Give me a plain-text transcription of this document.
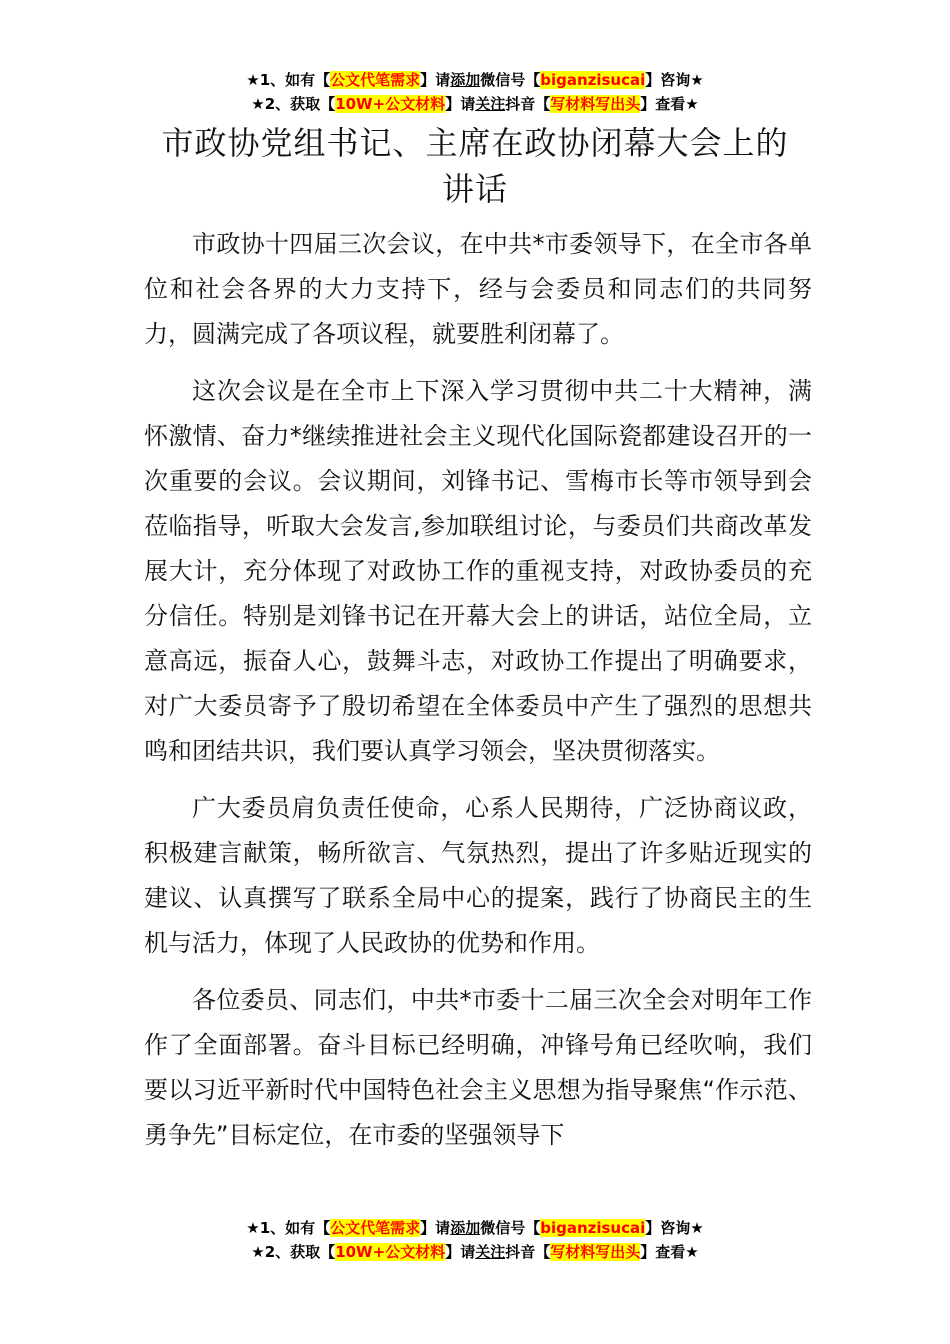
★1、如有【公文代笔需求】请添加微信号【biganzisucai】咨询★
★2、获取【10W+公文材料】请关注抖音【写材料写出头】查看★
市政协党组书记、主席在政协闭幕大会上的
讲话

市政协十四届三次会议，在中共*市委领导下，在全市各单位和社会各界的大力支持下，经与会委员和同志们的共同努力，圆满完成了各项议程，就要胜利闭幕了。

这次会议是在全市上下深入学习贯彻中共二十大精神，满怀激情、奋力*继续推进社会主义现代化国际瓷都建设召开的一次重要的会议。会议期间，刘锋书记、雪梅市长等市领导到会莅临指导，听取大会发言,参加联组讨论，与委员们共商改革发展大计，充分体现了对政协工作的重视支持，对政协委员的充分信任。特别是刘锋书记在开幕大会上的讲话，站位全局，立意高远，振奋人心，鼓舞斗志，对政协工作提出了明确要求，对广大委员寄予了殷切希望在全体委员中产生了强烈的思想共鸣和团结共识，我们要认真学习领会，坚决贯彻落实。

广大委员肩负责任使命，心系人民期待，广泛协商议政，积极建言献策，畅所欲言、气氛热烈，提出了许多贴近现实的建议、认真撰写了联系全局中心的提案，践行了协商民主的生机与活力，体现了人民政协的优势和作用。

各位委员、同志们，中共*市委十二届三次全会对明年工作作了全面部署。奋斗目标已经明确，冲锋号角已经吹响，我们要以习近平新时代中国特色社会主义思想为指导聚焦“作示范、勇争先”目标定位，在市委的坚强领导下

★1、如有【公文代笔需求】请添加微信号【biganzisucai】咨询★
★2、获取【10W+公文材料】请关注抖音【写材料写出头】查看★
